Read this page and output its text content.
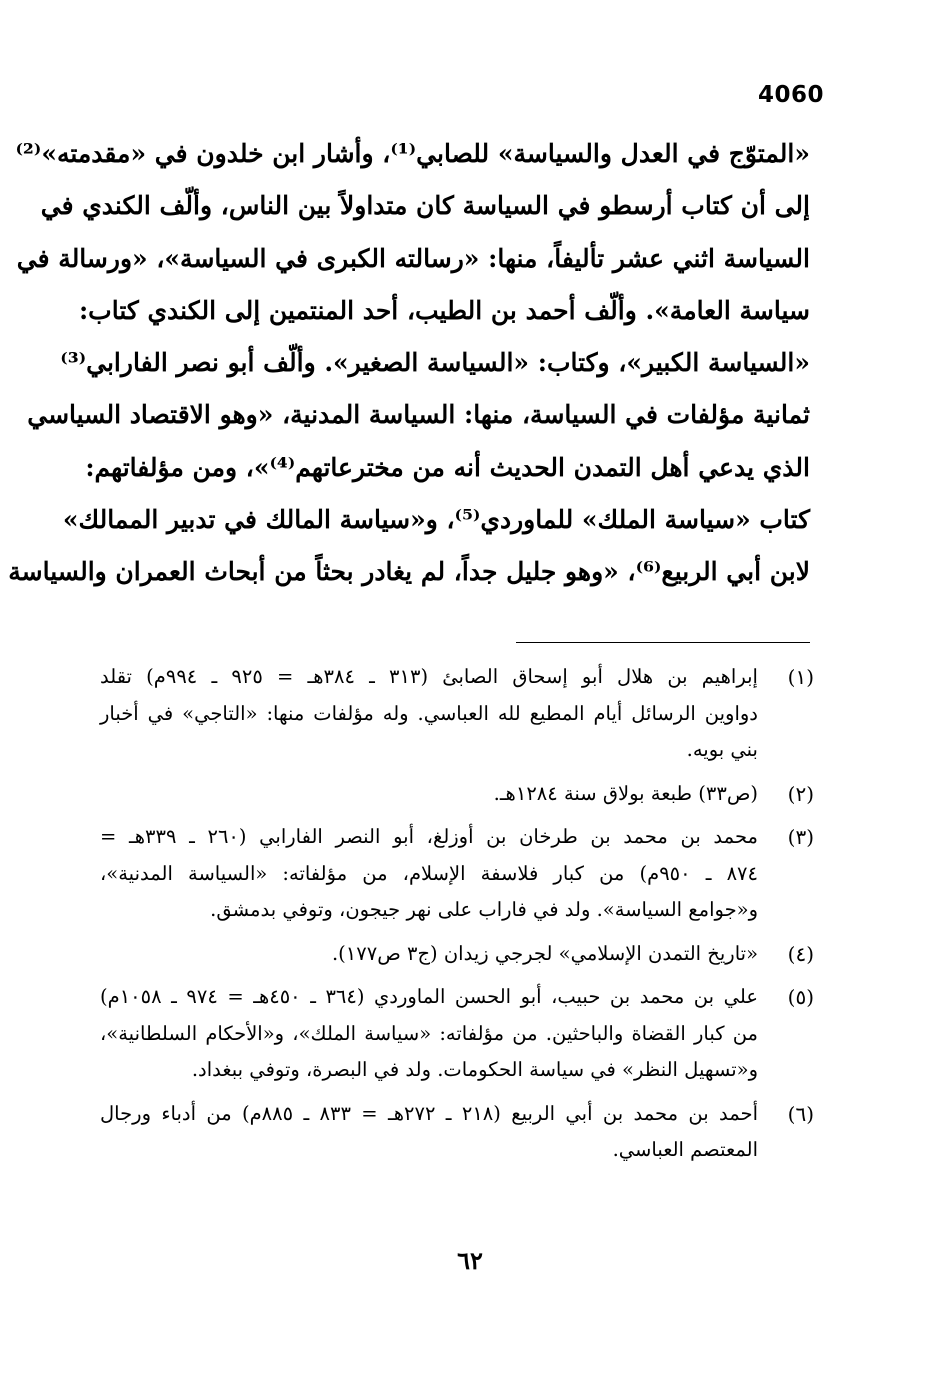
4060
«المتوّج في العدل والسياسة» للصابي⁽¹⁾، وأشار ابن خلدون في «مقدمته»⁽²⁾
إلى أن كتاب أرسطو في السياسة كان متداولاً بين الناس، وألّف الكندي في
السياسة اثني عشر تأليفاً، منها: «رسالته الكبرى في السياسة»، «ورسالة في
سياسة العامة». وألّف أحمد بن الطيب، أحد المنتمين إلى الكندي كتاب:
«السياسة الكبير»، وكتاب: «السياسة الصغير». وألّف أبو نصر الفارابي⁽³⁾
ثمانية مؤلفات في السياسة، منها: السياسة المدنية، «وهو الاقتصاد السياسي
الذي يدعي أهل التمدن الحديث أنه من مخترعاتهم⁽⁴⁾»، ومن مؤلفاتهم:
كتاب «سياسة الملك» للماوردي⁽⁵⁾، و«سياسة المالك في تدبير الممالك»
لابن أبي الربيع⁽⁶⁾، «وهو جليل جداً، لم يغادر بحثاً من أبحاث العمران والسياسة
(١)
إبراهيم بن هلال أبو إسحاق الصابئ (٣١٣ ـ ٣٨٤هـ = ٩٢٥ ـ ٩٩٤م) تقلد
دواوين الرسائل أيام المطيع لله العباسي. وله مؤلفات منها: «التاجي» في أخبار
بني بويه.
(٢)
(ص٣٣) طبعة بولاق سنة ١٢٨٤هـ.
(٣)
محمد بن محمد بن طرخان بن أوزلغ، أبو النصر الفارابي (٢٦٠ ـ ٣٣٩هـ =
٨٧٤ ـ ٩٥٠م) من كبار فلاسفة الإسلام، من مؤلفاته: «السياسة المدنية»،
و«جوامع السياسة». ولد في فاراب على نهر جيجون، وتوفي بدمشق.
(٤)
«تاريخ التمدن الإسلامي» لجرجي زيدان (ج٣ ص١٧٧).
(٥)
علي بن محمد بن حبيب، أبو الحسن الماوردي (٣٦٤ ـ ٤٥٠هـ = ٩٧٤ ـ ١٠٥٨م)
من كبار القضاة والباحثين. من مؤلفاته: «سياسة الملك»، و«الأحكام السلطانية»،
و«تسهيل النظر» في سياسة الحكومات. ولد في البصرة، وتوفي ببغداد.
(٦)
أحمد بن محمد بن أبي الربيع (٢١٨ ـ ٢٧٢هـ = ٨٣٣ ـ ٨٨٥م) من أدباء ورجال
المعتصم العباسي.
٦٢
